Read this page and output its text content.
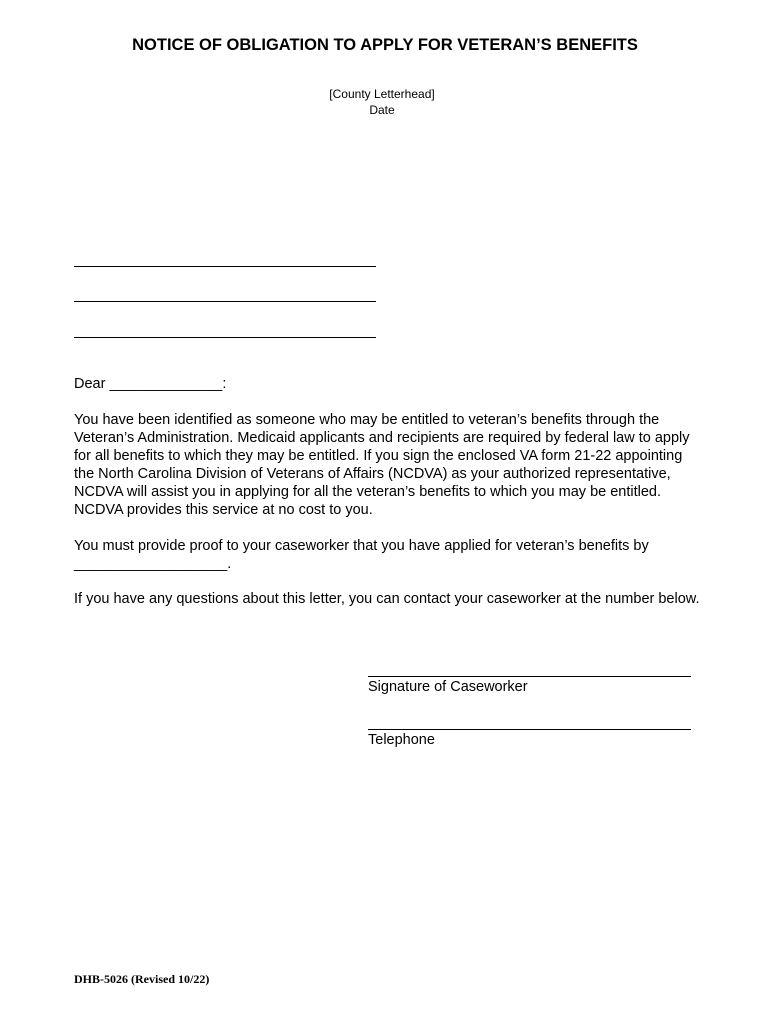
NOTICE OF OBLIGATION TO APPLY FOR VETERAN’S BENEFITS
[County Letterhead]
Date
Dear ______________:
You have been identified as someone who may be entitled to veteran’s benefits through the Veteran’s Administration. Medicaid applicants and recipients are required by federal law to apply for all benefits to which they may be entitled. If you sign the enclosed VA form 21-22 appointing the North Carolina Division of Veterans of Affairs (NCDVA) as your authorized representative, NCDVA will assist you in applying for all the veteran’s benefits to which you may be entitled. NCDVA provides this service at no cost to you.
You must provide proof to your caseworker that you have applied for veteran’s benefits by
___________________.
If you have any questions about this letter, you can contact your caseworker at the number below.
Signature of Caseworker
Telephone
DHB-5026 (Revised 10/22)
